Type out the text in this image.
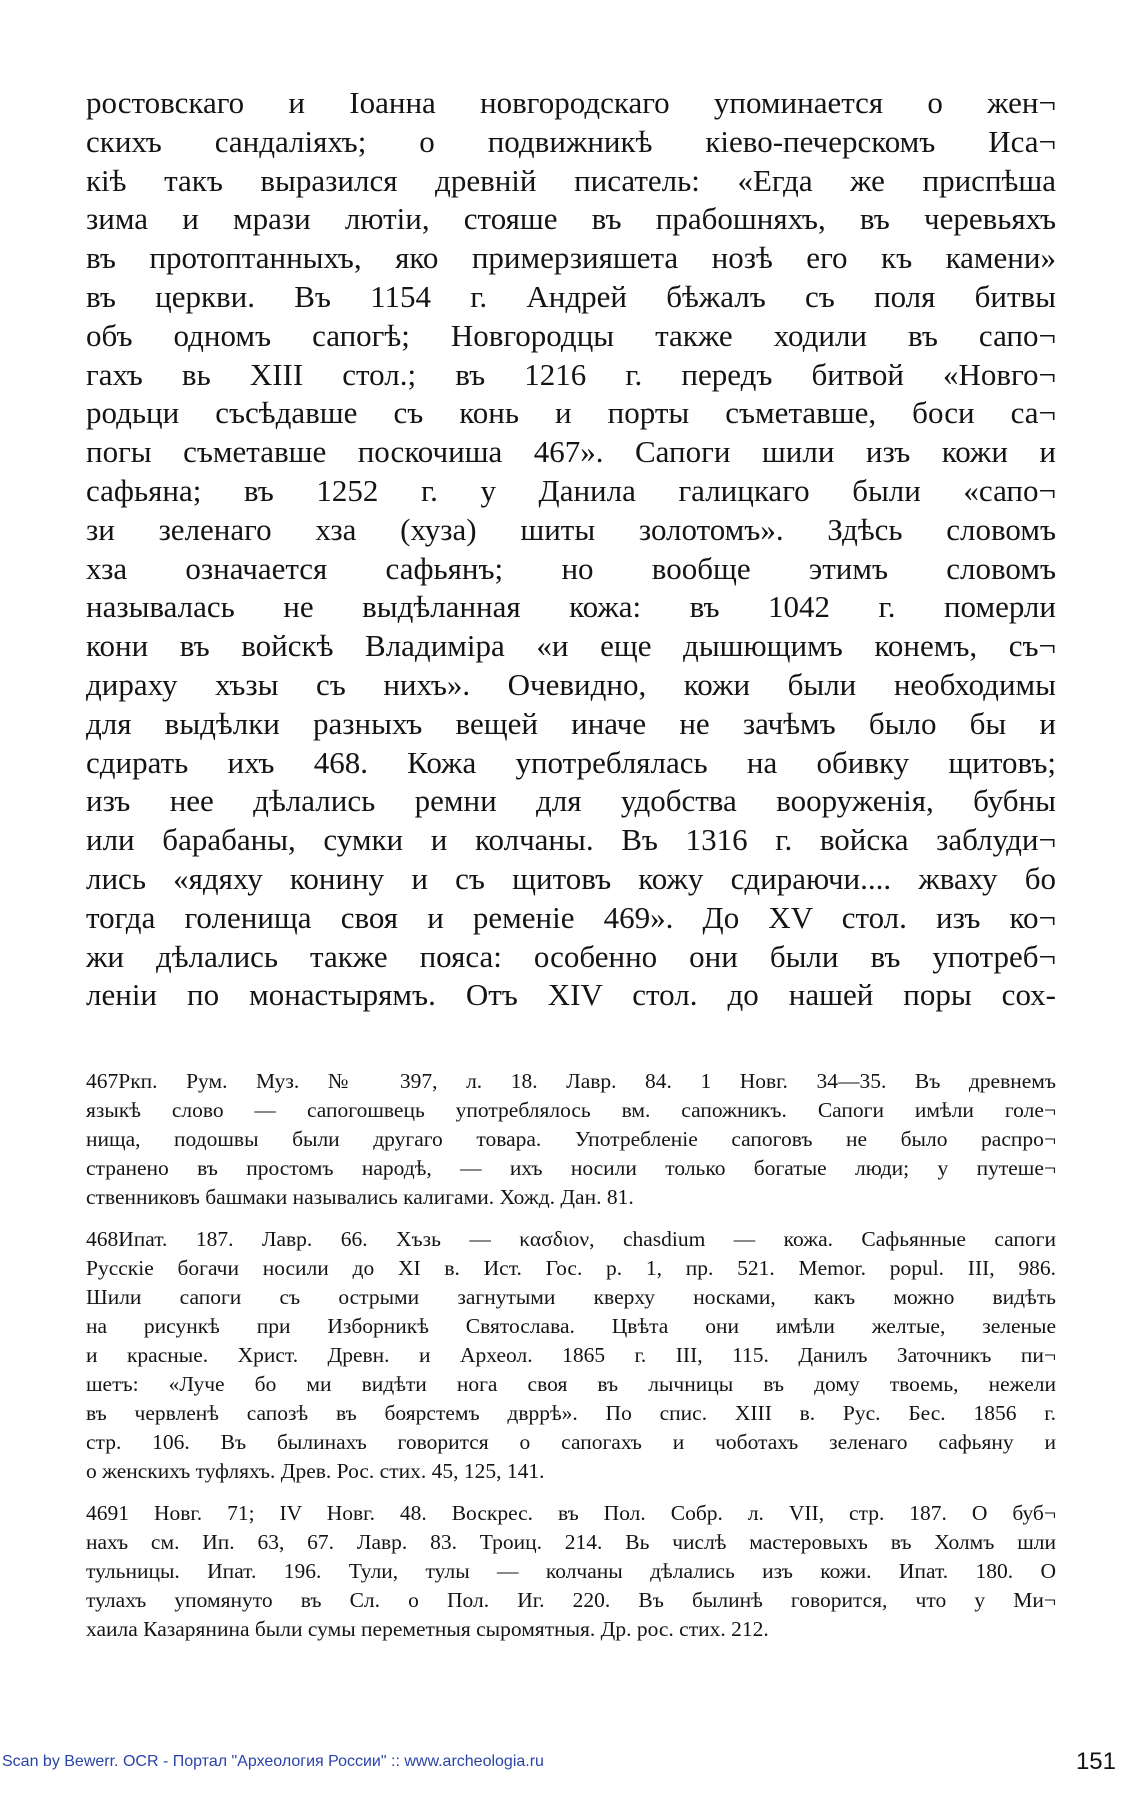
ростовскаго и Іоанна новгородскаго упоминается о жен¬
скихъ сандаліяхъ; о подвижникѣ кіево-печерскомъ Иса¬
кіѣ такъ выразился древній писатель: «Егда же приспѣша
зима и мрази лютіи, стояше въ прабошняхъ, въ черевьяхъ
въ протоптанныхъ, яко примерзияшета нозѣ его къ камени»
въ церкви. Въ 1154 г. Андрей бѣжалъ съ поля битвы
объ одномъ сапогѣ; Новгородцы также ходили въ сапо¬
гахъ вь XIII стол.; въ 1216 г. передъ битвой «Новго¬
родьци съсѣдавше съ конь и порты съметавше, боси са¬
погы съметавше поскочиша 467». Сапоги шили изъ кожи и
сафьяна; въ 1252 г. у Данила галицкаго были «сапо¬
зи зеленаго хза (хуза) шиты золотомъ». Здѣсь словомъ
хза означается сафьянъ; но вообще этимъ словомъ
называлась не выдѣланная кожа: въ 1042 г. померли
кони въ войскѣ Владиміра «и еще дышющимъ конемъ, съ¬
дираху хъзы съ нихъ». Очевидно, кожи были необходимы
для выдѣлки разныхъ вещей иначе не зачѣмъ было бы и
сдирать ихъ 468. Кожа употреблялась на обивку щитовъ;
изъ нее дѣлались ремни для удобства вооруженія, бубны
или барабаны, сумки и колчаны. Въ 1316 г. войска заблуди¬
лись «ядяху конину и съ щитовъ кожу сдираючи.... жваху бо
тогда голенища своя и ременіе 469». До XV стол. изъ ко¬
жи дѣлались также пояса: особенно они были въ употреб¬
леніи по монастырямъ. Отъ XIV стол. до нашей поры сох-
467Ркп. Рум. Муз. № 397, л. 18. Лавр. 84. 1 Новг. 34—35. Въ древнемъ
языкѣ слово — сапогошвець употреблялось вм. сапожникъ. Сапоги имѣли голе¬
нища, подошвы были другаго товара. Употребленіе сапоговъ не было распро¬
странено въ простомъ народѣ, — ихъ носили только богатые люди; у путеше¬
ственниковъ башмаки назывались калигами. Хожд. Дан. 81.
468Ипат. 187. Лавр. 66. Хъзь — κασδιον, chasdium — кожа. Сафьянные сапоги
Русскіе богачи носили до XI в. Ист. Гос. р. 1, пр. 521. Memor. popul. III, 986.
Шили сапоги съ острыми загнутыми кверху носками, какъ можно видѣть
на рисункѣ при Изборникѣ Святослава. Цвѣта они имѣли желтые, зеленые
и красные. Христ. Древн. и Археол. 1865 г. III, 115. Данилъ Заточникъ пи¬
шетъ: «Луче бо ми видѣти нога своя въ лычницы въ дому твоемь, нежели
въ червленѣ сапозѣ въ боярстемъ двррѣ». По спис. XIII в. Рус. Бес. 1856 г.
стр. 106. Въ былинахъ говорится о сапогахъ и чоботахъ зеленаго сафьяну и
о женскихъ туфляхъ. Древ. Рос. стих. 45, 125, 141.
4691 Новг. 71; IV Новг. 48. Воскрес. въ Пол. Собр. л. VII, стр. 187. О буб¬
нахъ см. Ип. 63, 67. Лавр. 83. Троиц. 214. Вь числѣ мастеровыхъ въ Холмъ шли
тульницы. Ипат. 196. Тули, тулы — колчаны дѣлались изъ кожи. Ипат. 180. О
тулахъ упомянуто въ Сл. о Пол. Иг. 220. Въ былинѣ говорится, что у Ми¬
хаила Казарянина были сумы переметныя сыромятныя. Др. рос. стих. 212.
Scan by Bewerr. OCR - Портал "Археология России" :: www.archeologia.ru	151
